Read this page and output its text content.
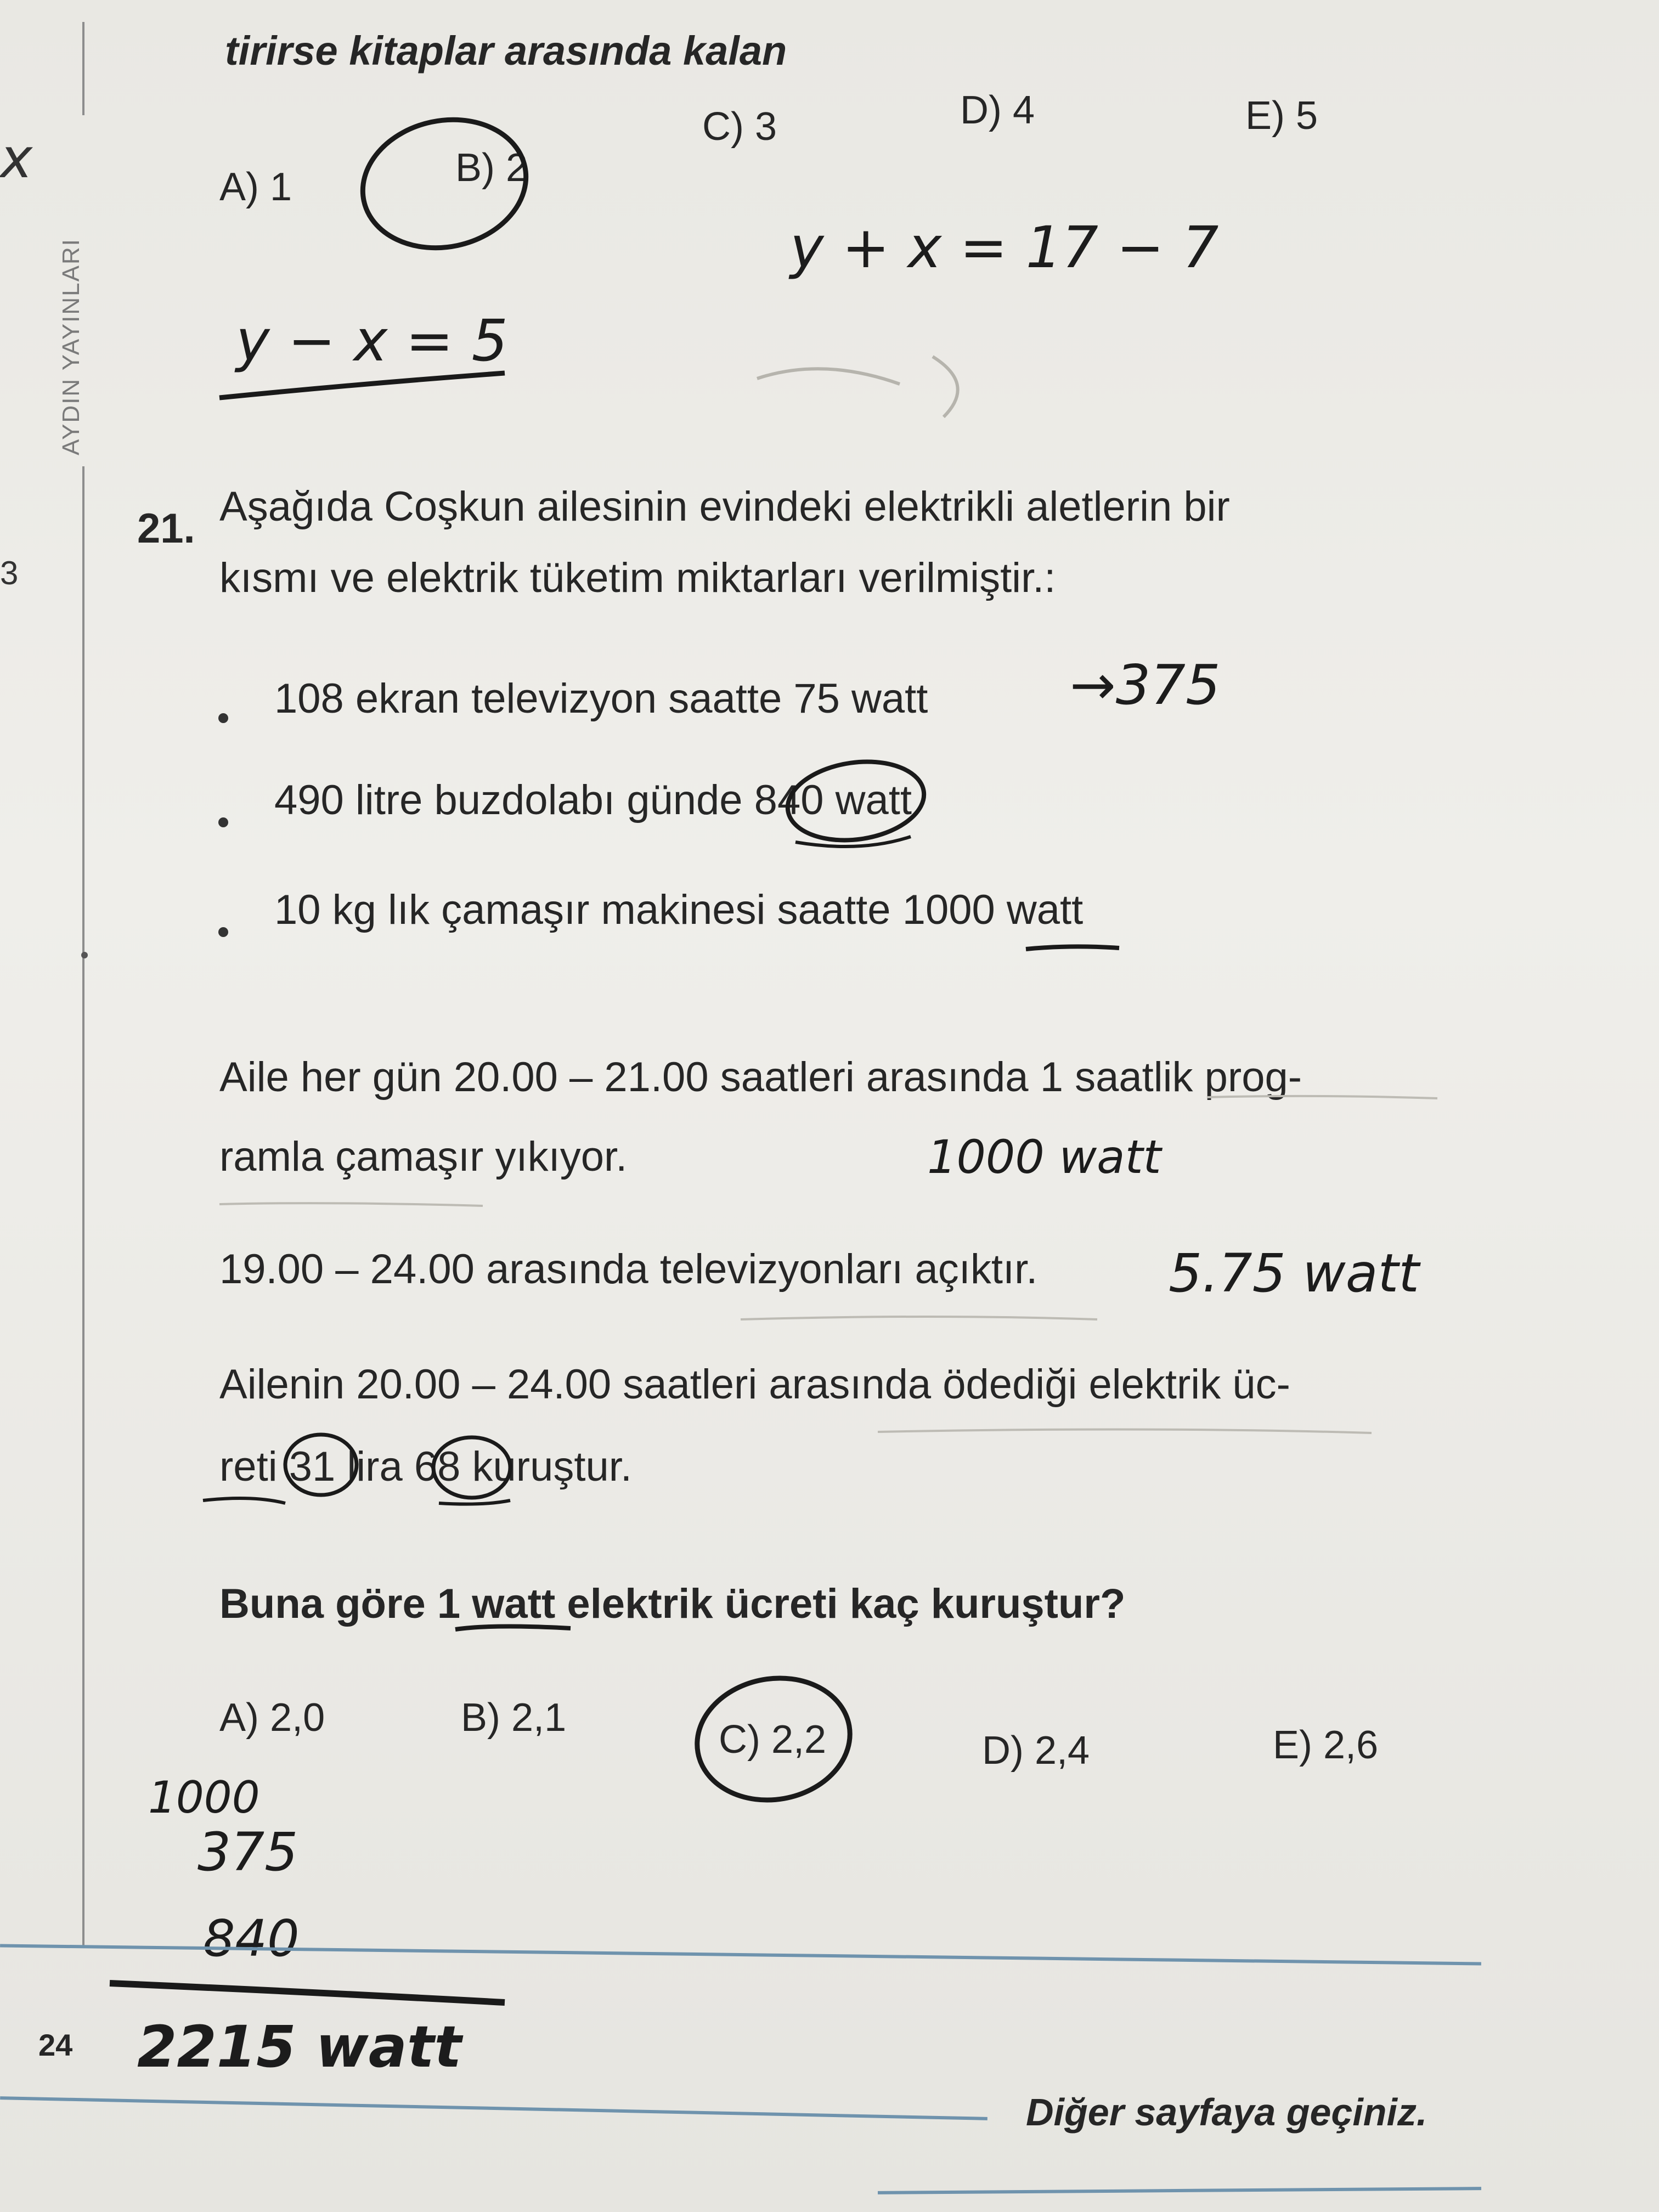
x
3
AYDIN YAYINLARI
tirirse kitaplar arasında kalan
A) 1	B) 2
C) 3	D) 4	E) 5
y − x = 5
y + x = 17 − 7
21. Aşağıda Coşkun ailesinin evindeki elektrikli aletlerin bir
kısmı ve elektrik tüketim miktarları verilmiştir.:
108 ekran televizyon saatte 75 watt	→375
490 litre buzdolabı günde 840 watt
10 kg lık çamaşır makinesi saatte 1000 watt
Aile her gün 20.00 – 21.00 saatleri arasında 1 saatlik prog-
ramla çamaşır yıkıyor.	1000 watt
19.00 – 24.00 arasında televizyonları açıktır. 5.75 watt
Ailenin 20.00 – 24.00 saatleri arasında ödediği elektrik üc-
reti 31 lira 68 kuruştur.
Buna göre 1 watt elektrik ücreti kaç kuruştur?
A) 2,0	B) 2,1	C) 2,2	D) 2,4	E) 2,6
1000
375
840
24 2215 watt
Diğer sayfaya geçiniz.
